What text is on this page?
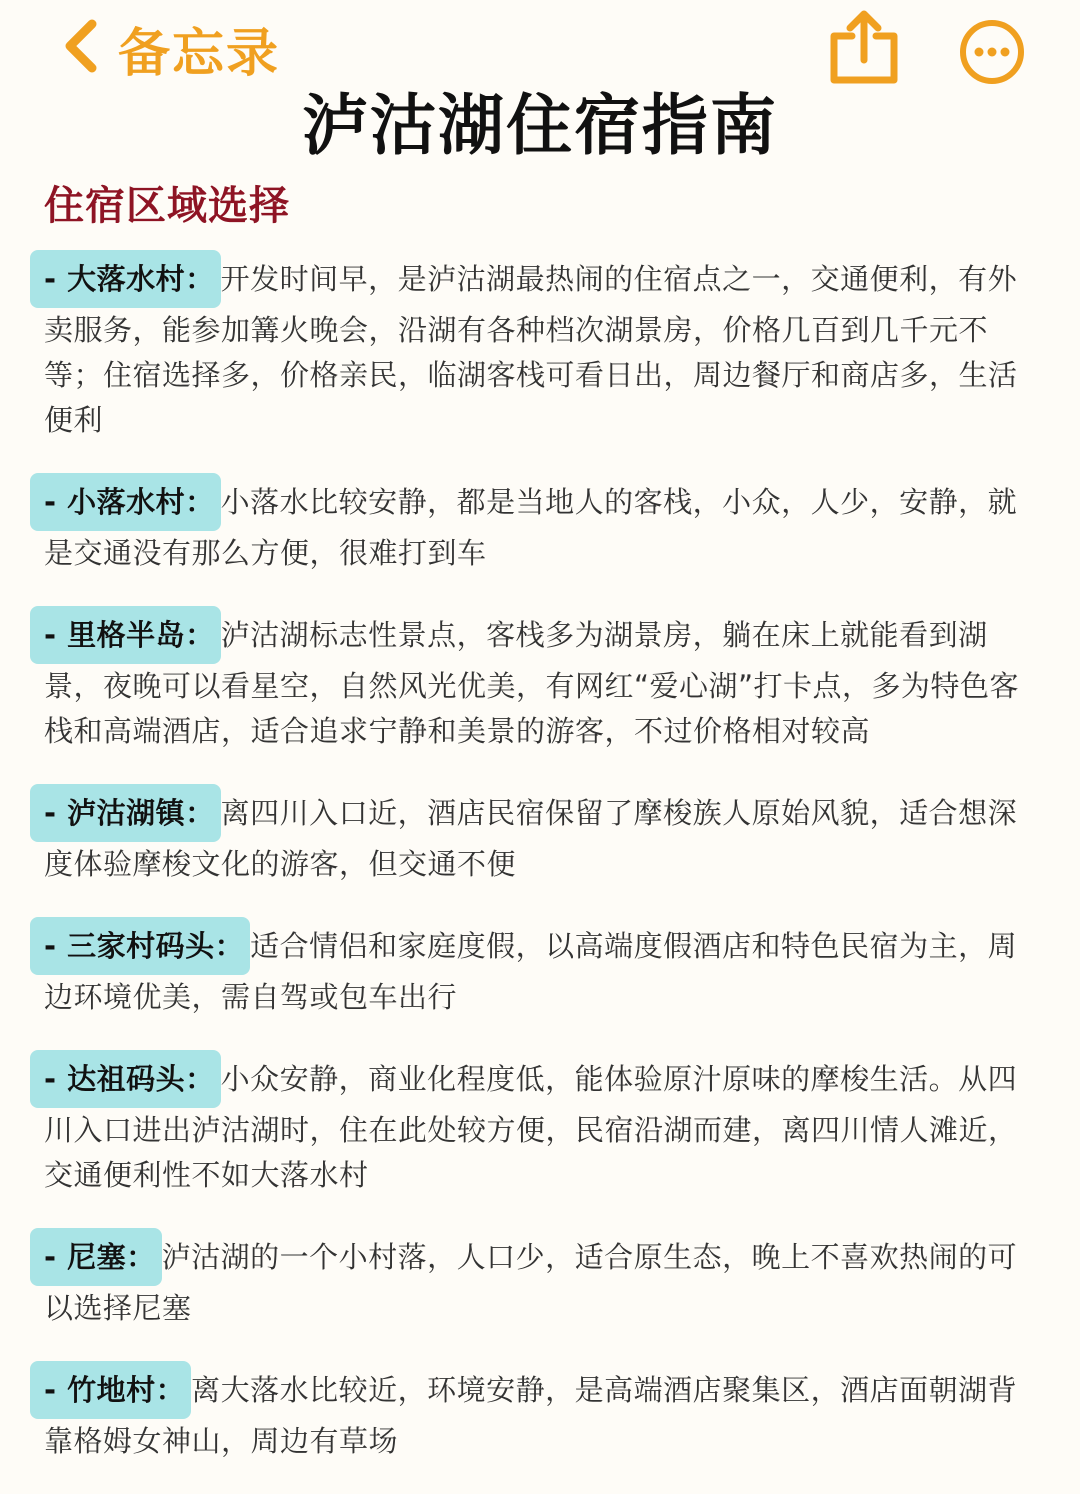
备忘录
泸沽湖住宿指南
住宿区域选择
- 大落水村： 开发时间早，是泸沽湖最热闹的住宿点之一，交通便利，有外卖服务，能参加篝火晚会，沿湖有各种档次湖景房，价格几百到几千元不等；住宿选择多，价格亲民，临湖客栈可看日出，周边餐厅和商店多，生活便利
- 小落水村： 小落水比较安静，都是当地人的客栈，小众，人少，安静，就是交通没有那么方便，很难打到车
- 里格半岛： 泸沽湖标志性景点，客栈多为湖景房，躺在床上就能看到湖景，夜晚可以看星空，自然风光优美，有网红“爱心湖”打卡点，多为特色客栈和高端酒店，适合追求宁静和美景的游客，不过价格相对较高
- 泸沽湖镇： 离四川入口近，酒店民宿保留了摩梭族人原始风貌，适合想深度体验摩梭文化的游客，但交通不便
- 三家村码头： 适合情侣和家庭度假，以高端度假酒店和特色民宿为主，周边环境优美，需自驾或包车出行
- 达祖码头： 小众安静，商业化程度低，能体验原汁原味的摩梭生活。从四川入口进出泸沽湖时，住在此处较方便，民宿沿湖而建，离四川情人滩近，交通便利性不如大落水村
- 尼塞： 泸沽湖的一个小村落，人口少，适合原生态，晚上不喜欢热闹的可以选择尼塞
- 竹地村： 离大落水比较近，环境安静，是高端酒店聚集区，酒店面朝湖背靠格姆女神山，周边有草场
